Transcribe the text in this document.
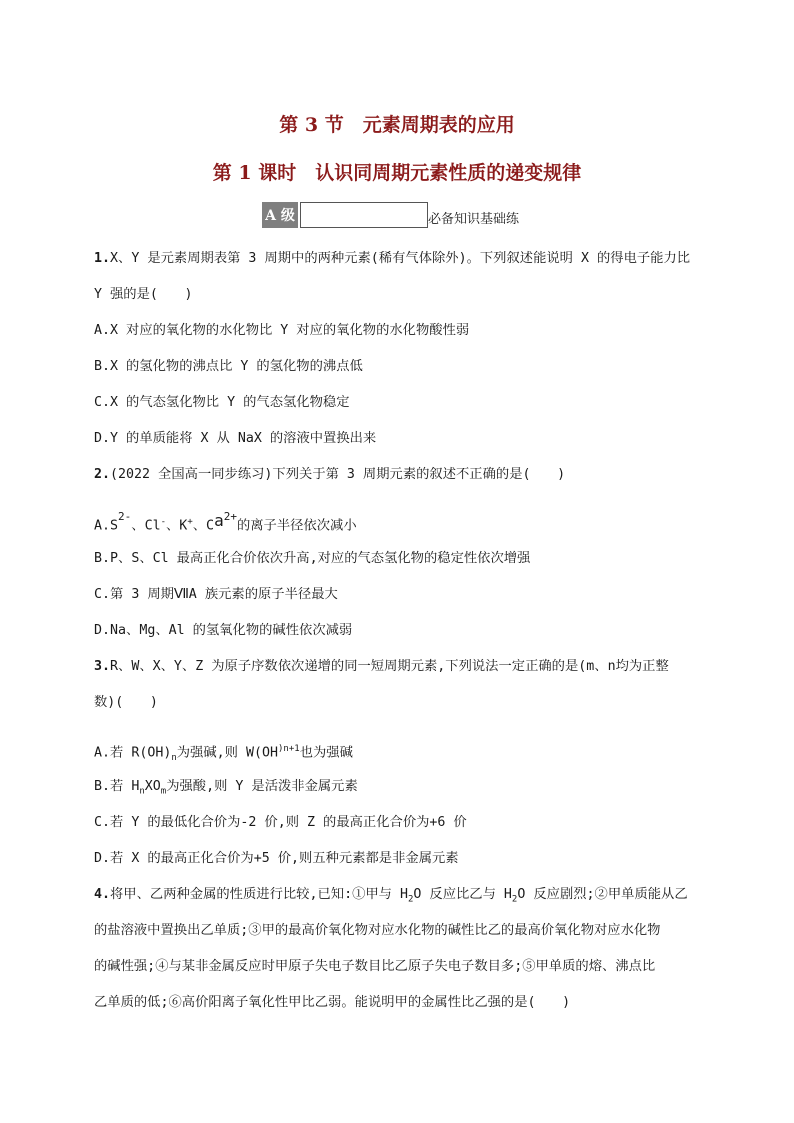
第 3 节　元素周期表的应用
第 1 课时　认识同周期元素性质的递变规律
A 级	必备知识基础练
1.X、Y 是元素周期表第 3 周期中的两种元素(稀有气体除外)。下列叙述能说明 X 的得电子能力比
Y 强的是(　　)
A.X 对应的氧化物的水化物比 Y 对应的氧化物的水化物酸性弱
B.X 的氢化物的沸点比 Y 的氢化物的沸点低
C.X 的气态氢化物比 Y 的气态氢化物稳定
D.Y 的单质能将 X 从 NaX 的溶液中置换出来
2.(2022 全国高一同步练习)下列关于第 3 周期元素的叙述不正确的是(　　)
$A.S^{2-}$、Cl-、K+、$Ca^{2+}$的离子半径依次减小
B.P、S、Cl 最高正化合价依次升高,对应的气态氢化物的稳定性依次增强
C.第 3 周期ⅦA 族元素的原子半径最大
D.Na、Mg、Al 的氢氧化物的碱性依次减弱
3.R、W、X、Y、Z 为原子序数依次递增的同一短周期元素,下列说法一定正确的是(m、n均为正整
数)(　　)
A.若 $R(OH)_n$为强碱,则 $W(OH^{)n+1}$也为强碱
B.若 $H_nXO_m$为强酸,则 Y 是活泼非金属元素
C.若 Y 的最低化合价为-2 价,则 Z 的最高正化合价为+6 价
D.若 X 的最高正化合价为+5 价,则五种元素都是非金属元素
4.将甲、乙两种金属的性质进行比较,已知:①甲与 $H_2O$ 反应比乙与 $H_2O$ 反应剧烈;②甲单质能从乙
的盐溶液中置换出乙单质;③甲的最高价氧化物对应水化物的碱性比乙的最高价氧化物对应水化物
的碱性强;④与某非金属反应时甲原子失电子数目比乙原子失电子数目多;⑤甲单质的熔、沸点比
乙单质的低;⑥高价阳离子氧化性甲比乙弱。能说明甲的金属性比乙强的是(　　)
